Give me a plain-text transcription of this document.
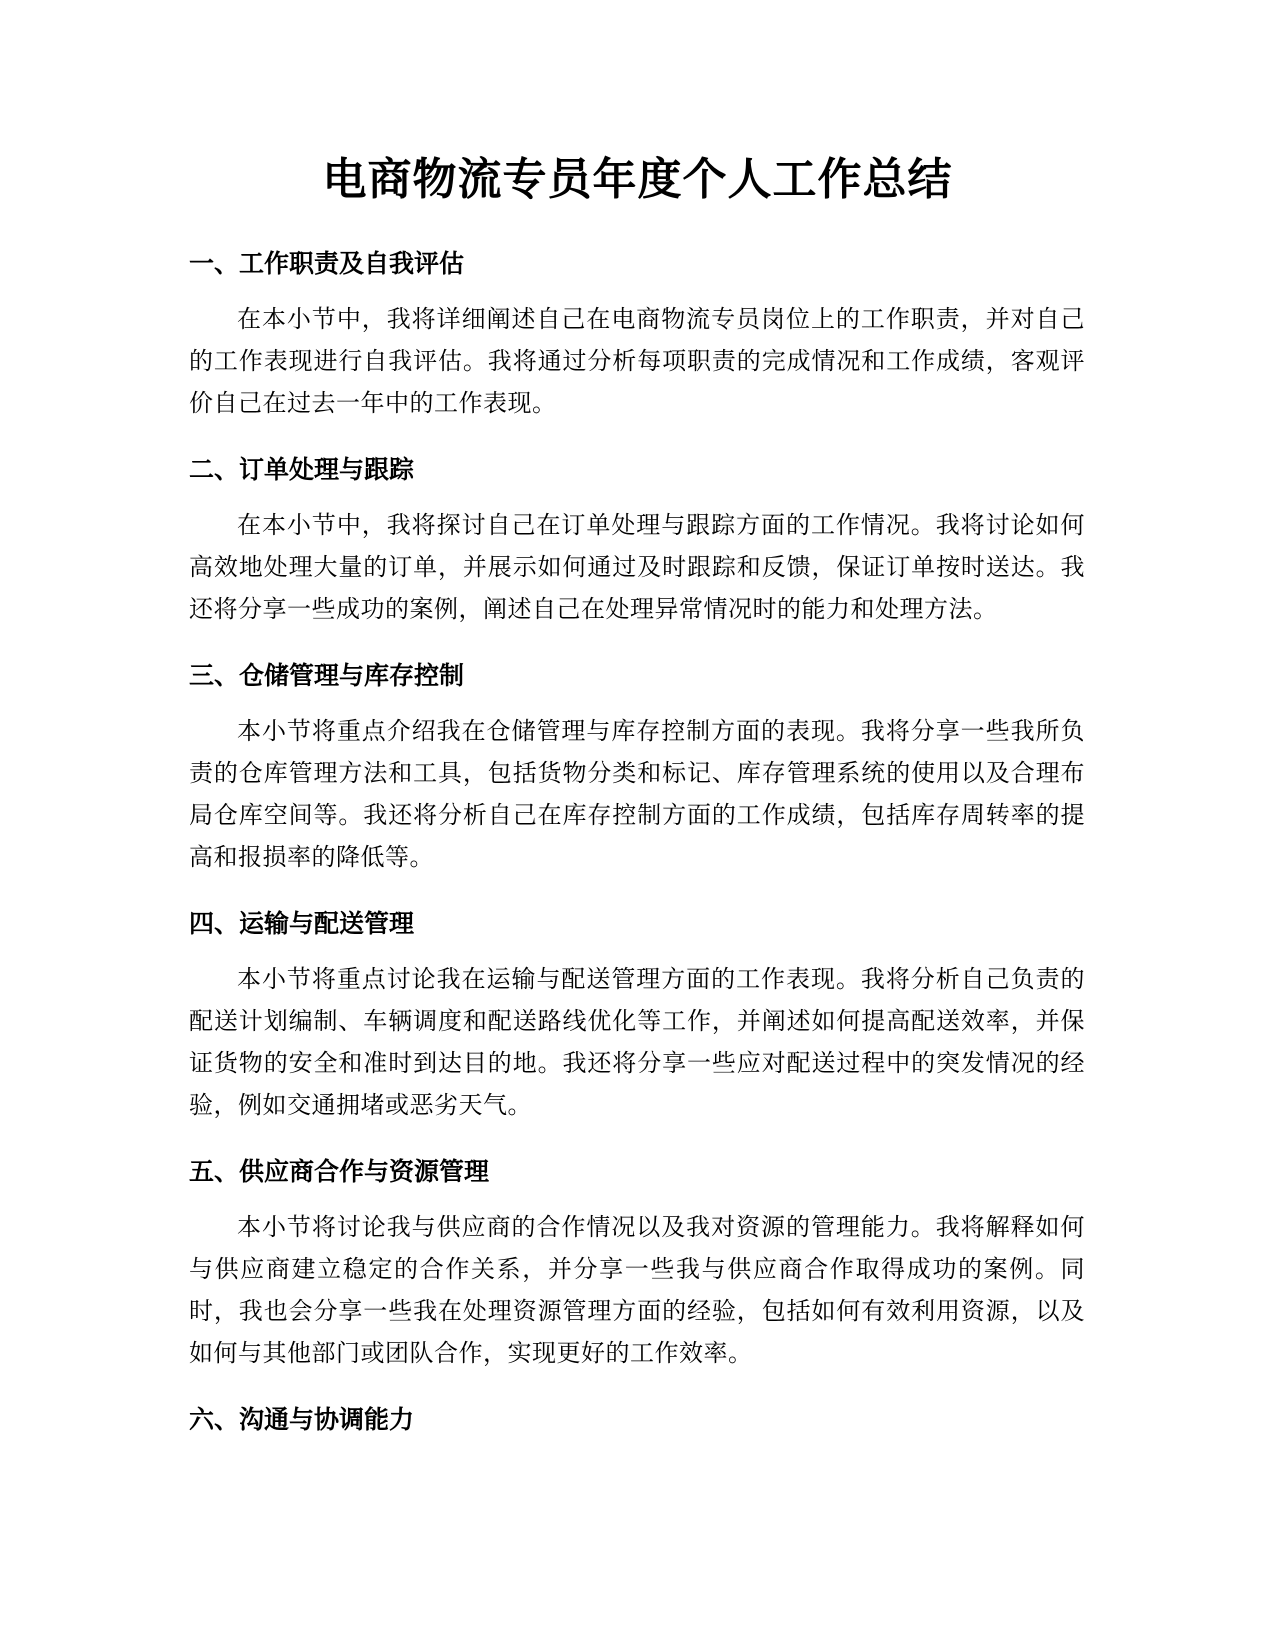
电商物流专员年度个人工作总结
一、工作职责及自我评估

在本小节中，我将详细阐述自己在电商物流专员岗位上的工作职责，并对自己的工作表现进行自我评估。我将通过分析每项职责的完成情况和工作成绩，客观评价自己在过去一年中的工作表现。

二、订单处理与跟踪

在本小节中，我将探讨自己在订单处理与跟踪方面的工作情况。我将讨论如何高效地处理大量的订单，并展示如何通过及时跟踪和反馈，保证订单按时送达。我还将分享一些成功的案例，阐述自己在处理异常情况时的能力和处理方法。

三、仓储管理与库存控制

本小节将重点介绍我在仓储管理与库存控制方面的表现。我将分享一些我所负责的仓库管理方法和工具，包括货物分类和标记、库存管理系统的使用以及合理布局仓库空间等。我还将分析自己在库存控制方面的工作成绩，包括库存周转率的提高和报损率的降低等。

四、运输与配送管理

本小节将重点讨论我在运输与配送管理方面的工作表现。我将分析自己负责的配送计划编制、车辆调度和配送路线优化等工作，并阐述如何提高配送效率，并保证货物的安全和准时到达目的地。我还将分享一些应对配送过程中的突发情况的经验，例如交通拥堵或恶劣天气。

五、供应商合作与资源管理

本小节将讨论我与供应商的合作情况以及我对资源的管理能力。我将解释如何与供应商建立稳定的合作关系，并分享一些我与供应商合作取得成功的案例。同时，我也会分享一些我在处理资源管理方面的经验，包括如何有效利用资源，以及如何与其他部门或团队合作，实现更好的工作效率。

六、沟通与协调能力
